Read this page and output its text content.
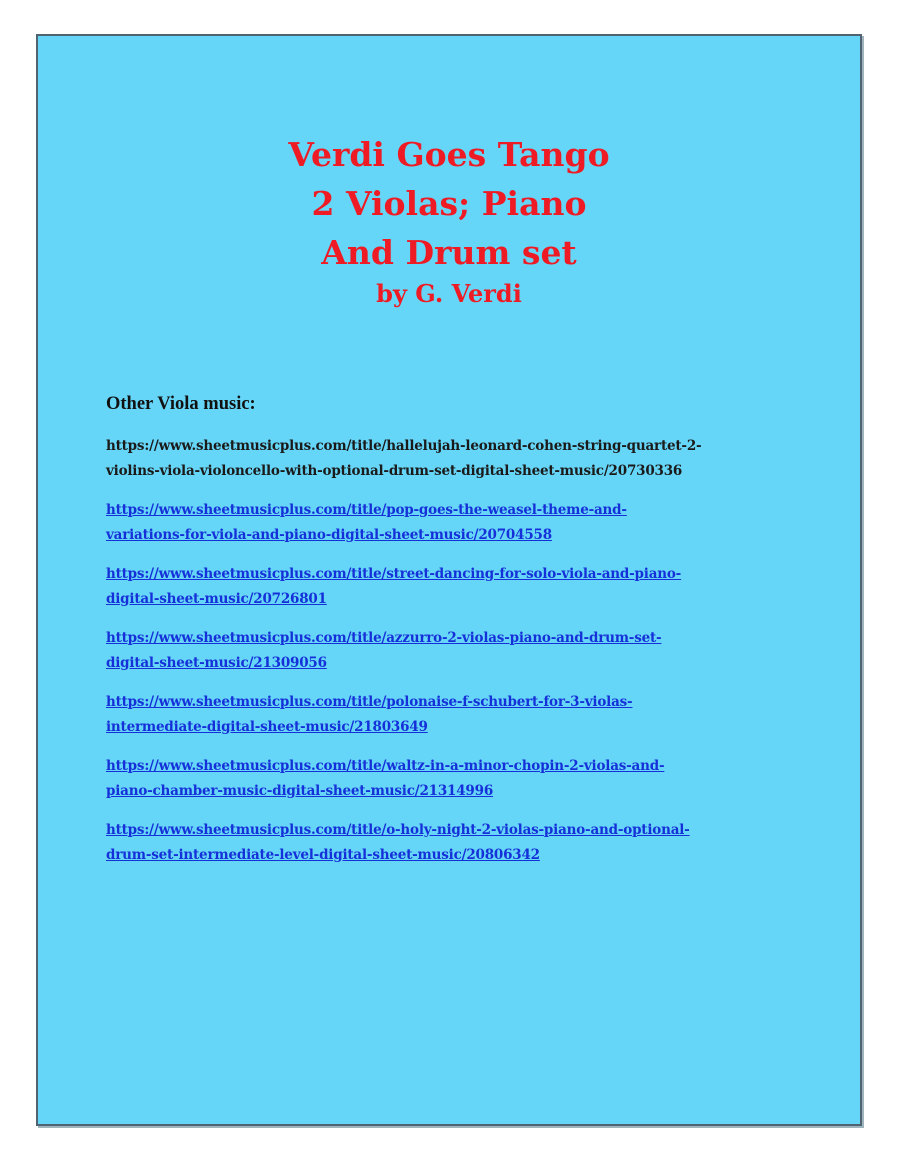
Verdi Goes Tango

2 Violas; Piano

And Drum set

by G. Verdi

Other Viola music:

https://www.sheetmusicplus.com/title/hallelujah-leonard-cohen-string-quartet-2-
violins-viola-violoncello-with-optional-drum-set-digital-sheet-music/20730336
https://www.sheetmusicplus.com/title/pop-goes-the-weasel-theme-and-
variations-for-viola-and-piano-digital-sheet-music/20704558
https://www.sheetmusicplus.com/title/street-dancing-for-solo-viola-and-piano-
digital-sheet-music/20726801
https://www.sheetmusicplus.com/title/azzurro-2-violas-piano-and-drum-set-
digital-sheet-music/21309056
https://www.sheetmusicplus.com/title/polonaise-f-schubert-for-3-violas-
intermediate-digital-sheet-music/21803649
https://www.sheetmusicplus.com/title/waltz-in-a-minor-chopin-2-violas-and-
piano-chamber-music-digital-sheet-music/21314996
https://www.sheetmusicplus.com/title/o-holy-night-2-violas-piano-and-optional-
drum-set-intermediate-level-digital-sheet-music/20806342
